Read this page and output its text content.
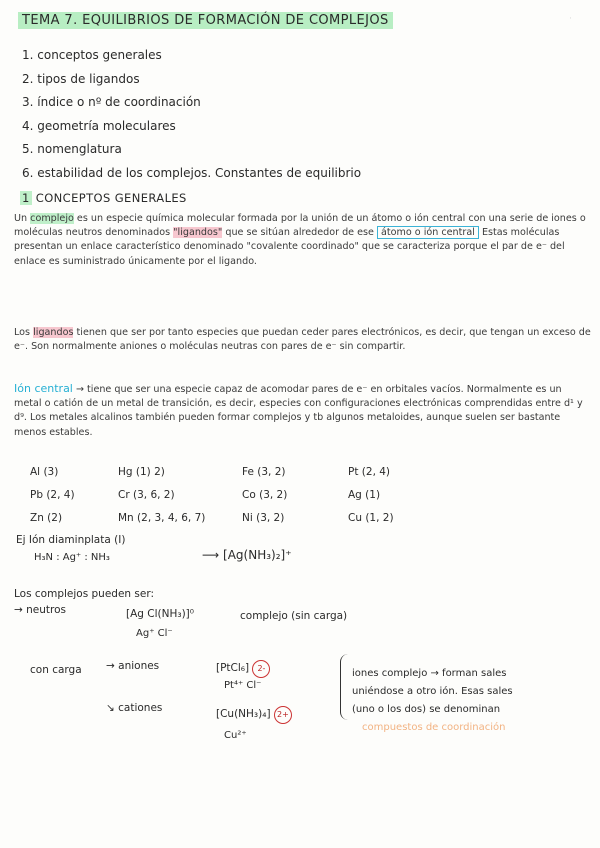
TEMA 7. EQUILIBRIOS DE FORMACIÓN DE COMPLEJOS	·
1. conceptos generales
2. tipos de ligandos
3. índice o nº de coordinación
4. geometría moleculares
5. nomenglatura
6. estabilidad de los complejos. Constantes de equilibrio
1 CONCEPTOS GENERALES
Un complejo es un especie química molecular formada por la unión de un átomo o ión central con una serie de iones o moléculas neutros denominados "ligandos" que se sitúan alrededor de ese átomo o ión central Estas moléculas presentan un enlace característico denominado "covalente coordinado" que se caracteriza porque el par de e⁻ del enlace es suministrado únicamente por el ligando.
Los ligandos tienen que ser por tanto especies que puedan ceder pares electrónicos, es decir, que tengan un exceso de e⁻. Son normalmente aniones o moléculas neutras con pares de e⁻ sin compartir.
Ión central → tiene que ser una especie capaz de acomodar pares de e⁻ en orbitales vacíos. Normalmente es un metal o catión de un metal de transición, es decir, especies con configuraciones electrónicas comprendidas entre d¹ y d⁹. Los metales alcalinos también pueden formar complejos y tb algunos metaloides, aunque suelen ser bastante menos estables.
Al (3)	Hg (1) 2)	Fe (3, 2)	Pt (2, 4)
Pb (2, 4)	Cr (3, 6, 2)	Co (3, 2)	Ag (1)
Zn (2)	Mn (2, 3, 4, 6, 7)	Ni (3, 2)	Cu (1, 2)
Ej Ión diaminplata (I)
H₃N : Ag⁺ : NH₃	⟶ [Ag(NH₃)₂]⁺
Los complejos pueden ser:
→ neutros	[Ag Cl(NH₃)]⁰	complejo (sin carga)
Ag⁺ Cl⁻
con carga → aniones	[PtCl₆] 2-
Pt⁴⁺ Cl⁻
↘ cationes	[Cu(NH₃)₄] 2+
Cu²⁺
iones complejo → forman sales
uniéndose a otro ión. Esas sales
(uno o los dos) se denominan
compuestos de coordinación
